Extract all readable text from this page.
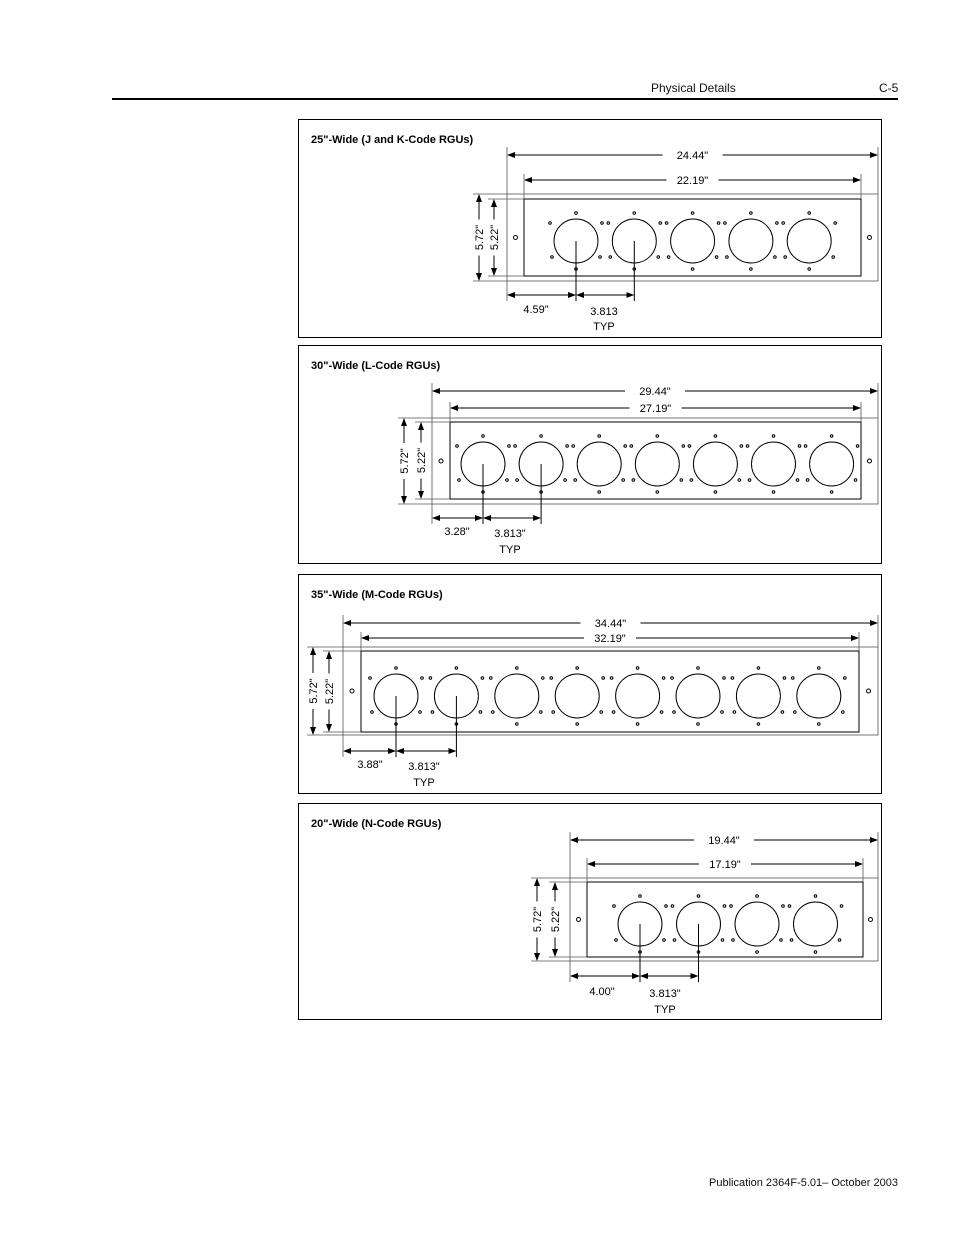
Physical Details	C-5
25"-Wide (J and K-Code RGUs)
24.44"
22.19"
5.72" 5.22"
4.59"	3.813
TYP
30"-Wide (L-Code RGUs)
29.44"
27.19"
5.72" 5.22"
3.28" 3.813"
TYP
35"-Wide (M-Code RGUs)
34.44"
32.19"
5.72" 5.22"
3.88" 3.813"
TYP
20"-Wide (N-Code RGUs)
19.44"
17.19"
5.72" 5.22"
4.00"	3.813"
TYP
Publication 2364F-5.01– October 2003
